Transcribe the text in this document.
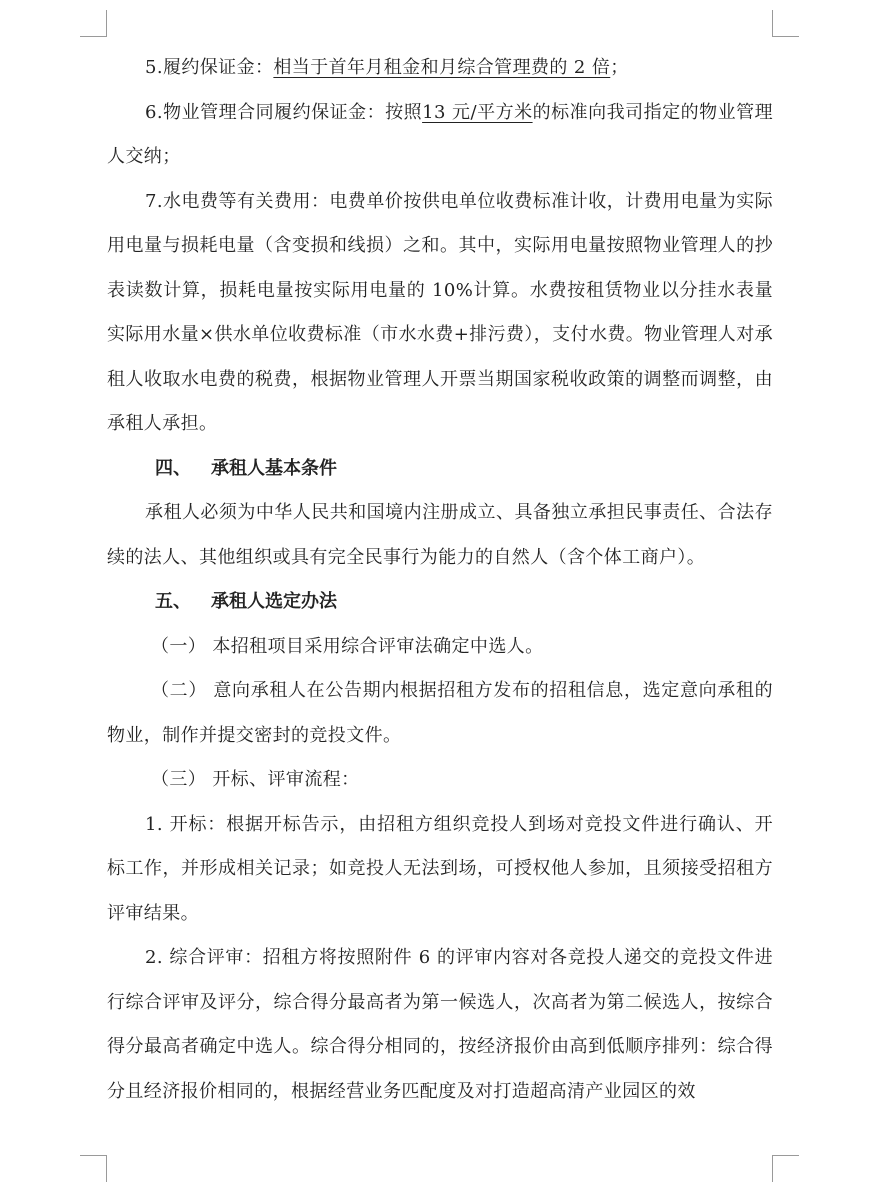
5.履约保证金：相当于首年月租金和月综合管理费的 2 倍；

6.物业管理合同履约保证金：按照13 元/平方米的标准向我司指定的物业管理人交纳；

7.水电费等有关费用：电费单价按供电单位收费标准计收，计费用电量为实际用电量与损耗电量（含变损和线损）之和。其中，实际用电量按照物业管理人的抄表读数计算，损耗电量按实际用电量的 10%计算。水费按租赁物业以分挂水表量实际用水量×供水单位收费标准（市水水费+排污费），支付水费。物业管理人对承租人收取水电费的税费，根据物业管理人开票当期国家税收政策的调整而调整，由承租人承担。

四、 承租人基本条件

承租人必须为中华人民共和国境内注册成立、具备独立承担民事责任、合法存续的法人、其他组织或具有完全民事行为能力的自然人（含个体工商户）。

五、 承租人选定办法

（一） 本招租项目采用综合评审法确定中选人。

（二） 意向承租人在公告期内根据招租方发布的招租信息，选定意向承租的物业，制作并提交密封的竞投文件。

（三） 开标、评审流程：

1. 开标：根据开标告示，由招租方组织竞投人到场对竞投文件进行确认、开标工作，并形成相关记录；如竞投人无法到场，可授权他人参加，且须接受招租方评审结果。

2. 综合评审：招租方将按照附件 6 的评审内容对各竞投人递交的竞投文件进行综合评审及评分，综合得分最高者为第一候选人，次高者为第二候选人，按综合得分最高者确定中选人。综合得分相同的，按经济报价由高到低顺序排列：综合得分且经济报价相同的，根据经营业务匹配度及对打造超高清产业园区的效
